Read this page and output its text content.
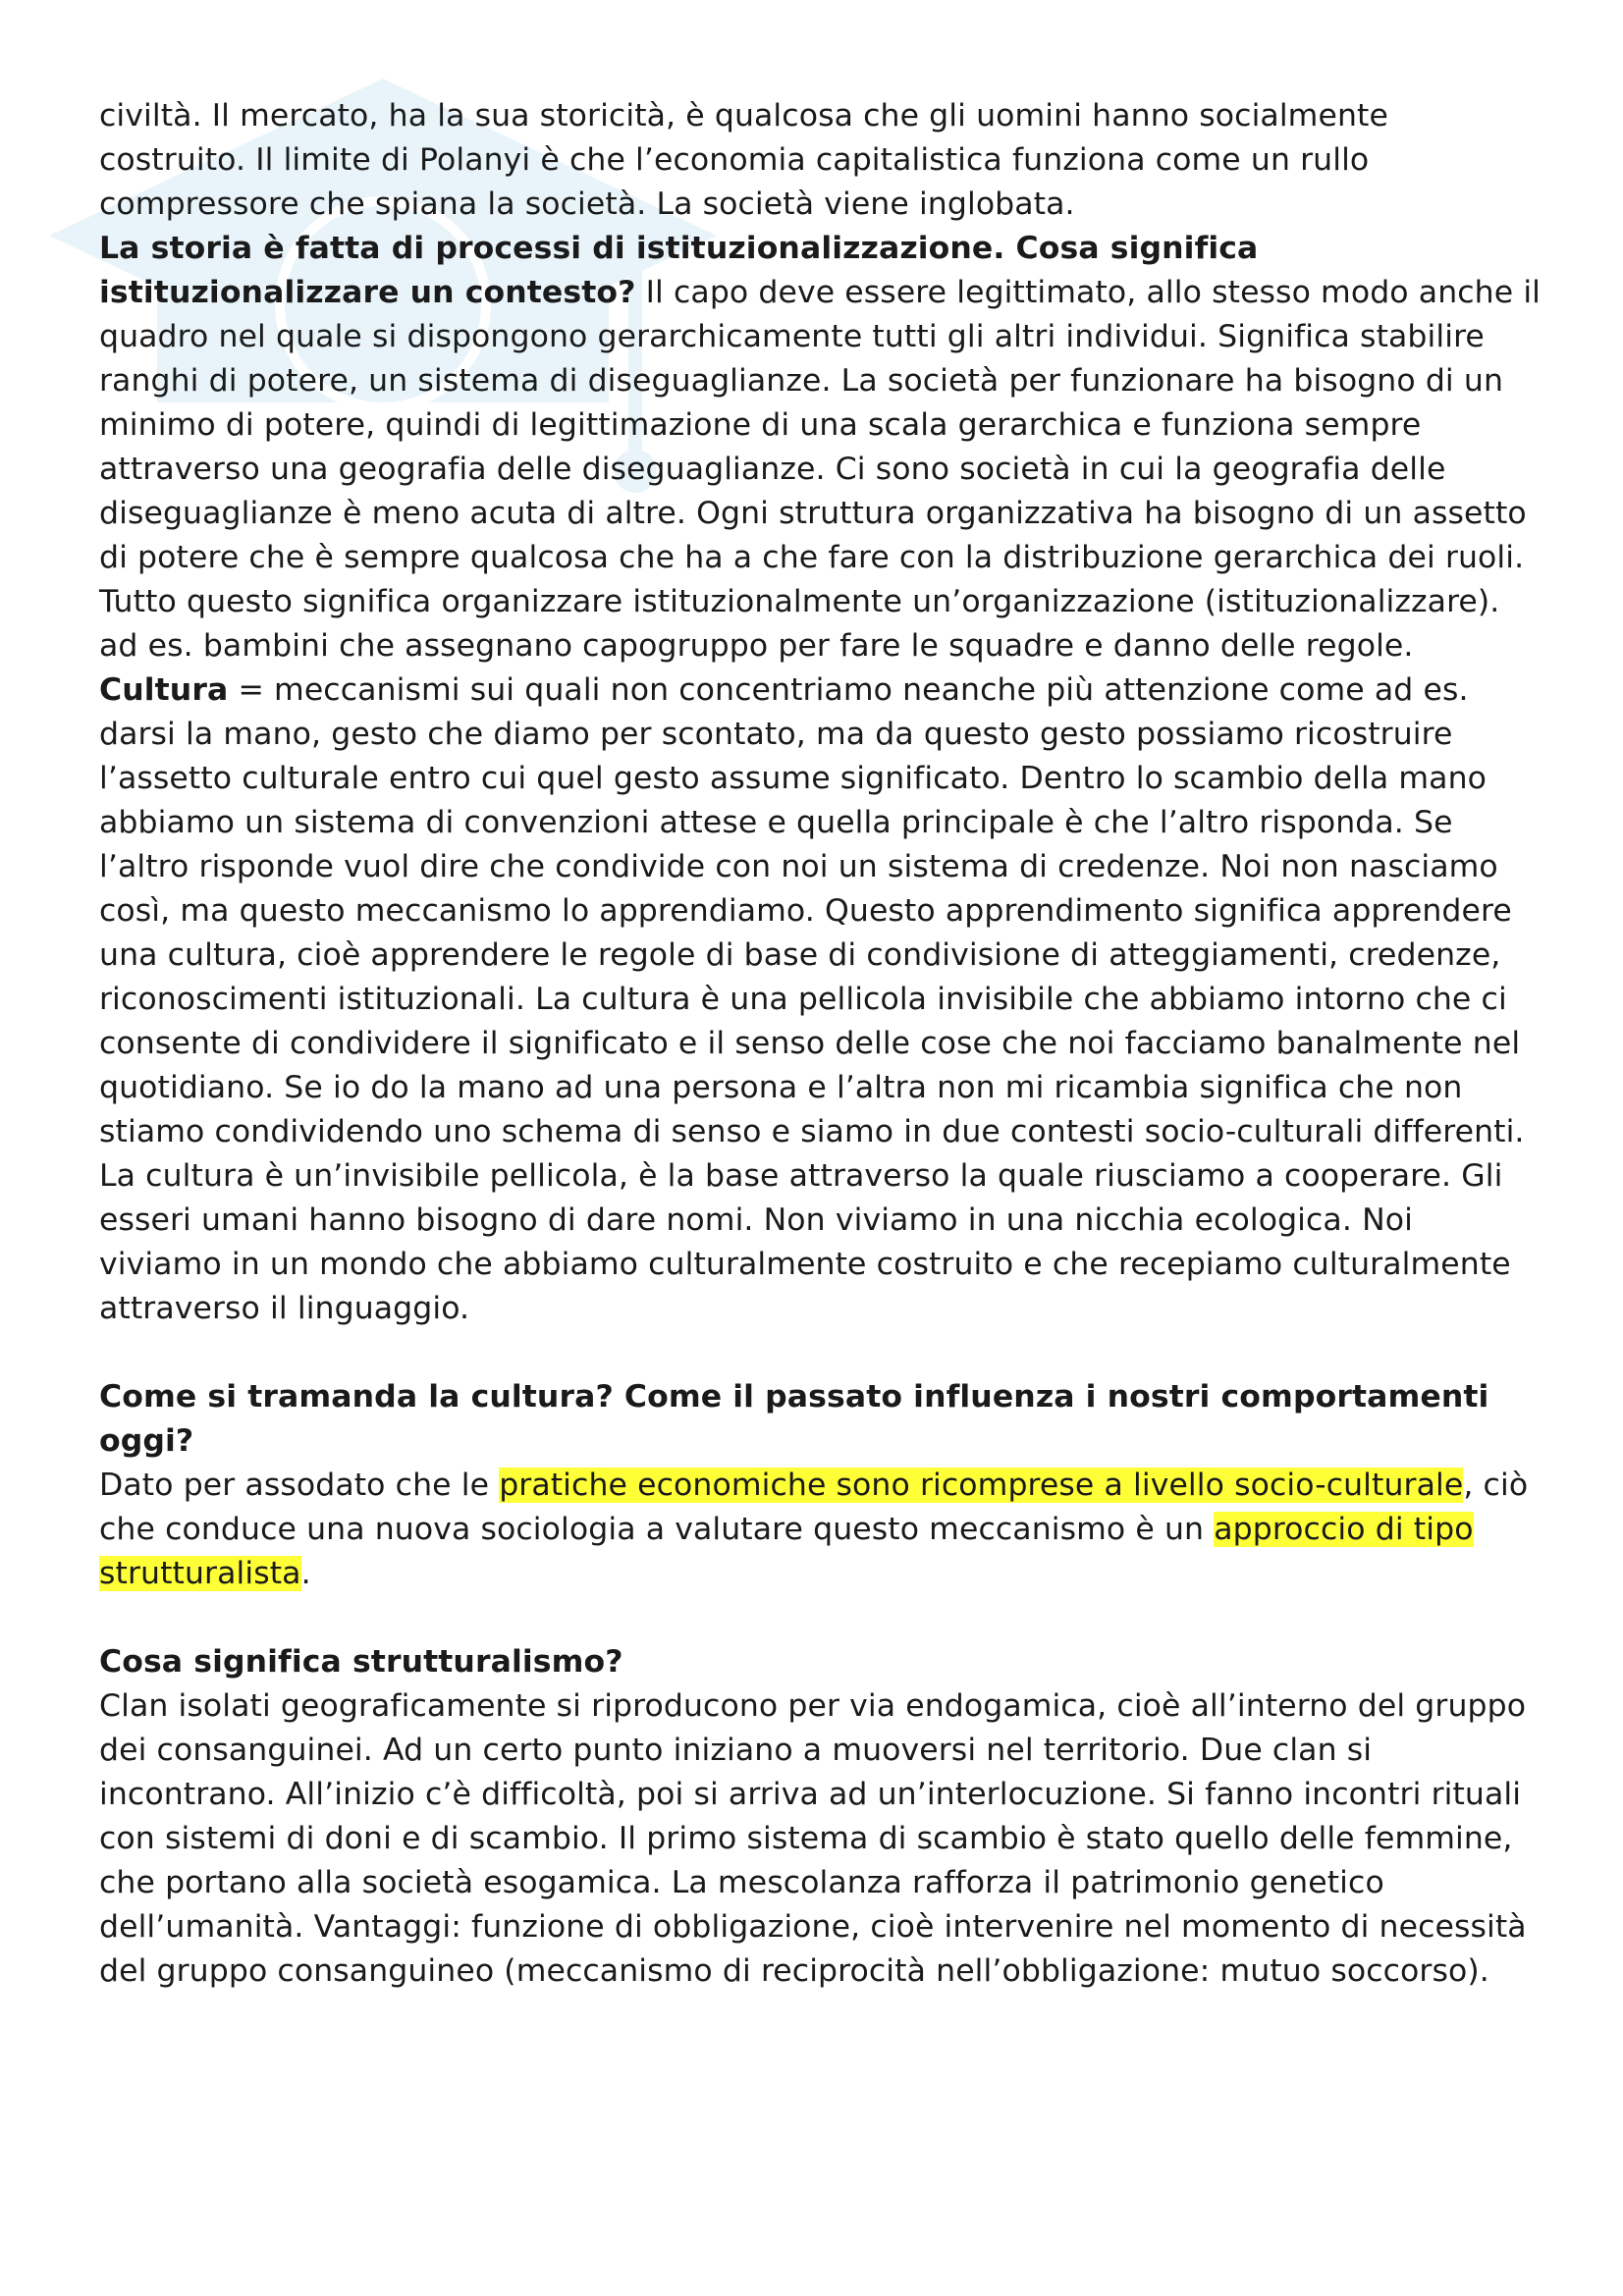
civiltà. Il mercato, ha la sua storicità, è qualcosa che gli uomini hanno socialmente costruito. Il limite di Polanyi è che l’economia capitalistica funziona come un rullo compressore che spiana la società. La società viene inglobata.

La storia è fatta di processi di istituzionalizzazione. Cosa significa istituzionalizzare un contesto? Il capo deve essere legittimato, allo stesso modo anche il quadro nel quale si dispongono gerarchicamente tutti gli altri individui. Significa stabilire ranghi di potere, un sistema di diseguaglianze. La società per funzionare ha bisogno di un minimo di potere, quindi di legittimazione di una scala gerarchica e funziona sempre attraverso una geografia delle diseguaglianze. Ci sono società in cui la geografia delle diseguaglianze è meno acuta di altre. Ogni struttura organizzativa ha bisogno di un assetto di potere che è sempre qualcosa che ha a che fare con la distribuzione gerarchica dei ruoli. Tutto questo significa organizzare istituzionalmente un’organizzazione (istituzionalizzare). ad es. bambini che assegnano capogruppo per fare le squadre e danno delle regole.

Cultura = meccanismi sui quali non concentriamo neanche più attenzione come ad es. darsi la mano, gesto che diamo per scontato, ma da questo gesto possiamo ricostruire l’assetto culturale entro cui quel gesto assume significato. Dentro lo scambio della mano abbiamo un sistema di convenzioni attese e quella principale è che l’altro risponda. Se l’altro risponde vuol dire che condivide con noi un sistema di credenze. Noi non nasciamo così, ma questo meccanismo lo apprendiamo. Questo apprendimento significa apprendere una cultura, cioè apprendere le regole di base di condivisione di atteggiamenti, credenze, riconoscimenti istituzionali. La cultura è una pellicola invisibile che abbiamo intorno che ci consente di condividere il significato e il senso delle cose che noi facciamo banalmente nel quotidiano. Se io do la mano ad una persona e l’altra non mi ricambia significa che non stiamo condividendo uno schema di senso e siamo in due contesti socio-culturali differenti. La cultura è un’invisibile pellicola, è la base attraverso la quale riusciamo a cooperare. Gli esseri umani hanno bisogno di dare nomi. Non viviamo in una nicchia ecologica. Noi viviamo in un mondo che abbiamo culturalmente costruito e che recepiamo culturalmente attraverso il linguaggio.

Come si tramanda la cultura? Come il passato influenza i nostri comportamenti oggi?

Dato per assodato che le pratiche economiche sono ricomprese a livello socio-culturale, ciò che conduce una nuova sociologia a valutare questo meccanismo è un approccio di tipo strutturalista.

Cosa significa strutturalismo?

Clan isolati geograficamente si riproducono per via endogamica, cioè all’interno del gruppo dei consanguinei. Ad un certo punto iniziano a muoversi nel territorio. Due clan si incontrano. All’inizio c’è difficoltà, poi si arriva ad un’interlocuzione. Si fanno incontri rituali con sistemi di doni e di scambio. Il primo sistema di scambio è stato quello delle femmine, che portano alla società esogamica. La mescolanza rafforza il patrimonio genetico dell’umanità. Vantaggi: funzione di obbligazione, cioè intervenire nel momento di necessità del gruppo consanguineo (meccanismo di reciprocità nell’obbligazione: mutuo soccorso).
